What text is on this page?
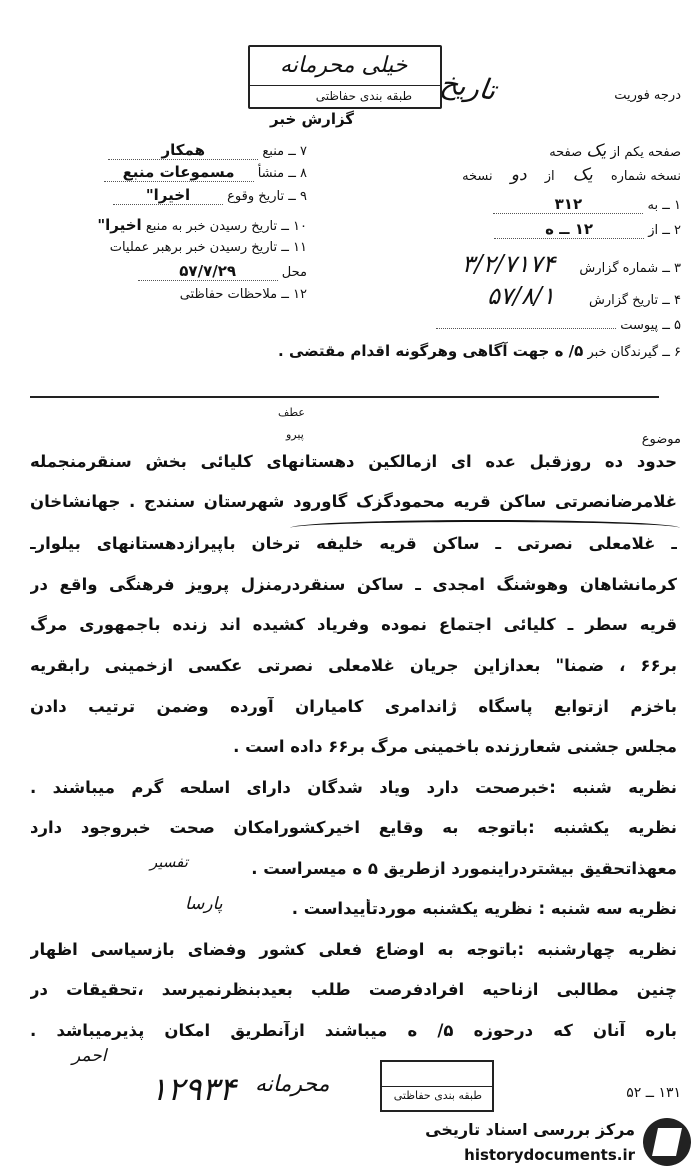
تاریخ	درجه فوریت
خیلی محرمانه
طبقه بندی حفاظتی
گزارش خبر
۷ ــ منبع همکار
۸ ــ منشأ مسموعات منبع
۹ ــ تاریخ وقوع اخیرا"
۱۰ ــ تاریخ رسیدن خبر به منبع اخیرا"
۱۱ ــ تاریخ رسیدن خبر برهبر عملیات
محل ۵۷/۷/۲۹
۱۲ ــ ملاحظات حفاظتی
صفحه یکم از یک صفحه
نسخه شماره یک از دو نسخه
۱ ــ به ۳۱۲
۲ ــ از ۱۲ ــ ه
۳ ــ شماره گزارش ۳/۲/۷۱۷۴
۴ ــ تاریخ گزارش ۵۷/۸/۱
۵ ــ پیوست
۶ ــ گیرندگان خبر ۵/ ه جهت آگاهی وهرگونه اقدام مقتضی .
موضوع
عطف
پیرو
حدود ده روزقبل عده ای ازمالکین دهستانهای کلیائی بخش سنقرمنجمله
غلامرضانصرتی ساکن قریه محمودگزک گاورود شهرستان سنندج . جهانشاخان
ـ غلامعلی نصرتی ـ ساکن قریه خلیفه ترخان باپیرازدهستانهای بیلوارـ
کرمانشاهان وهوشنگ امجدی ـ ساکن سنقردرمنزل پرویز فرهنگی واقع در
قریه سطر ـ کلیائی اجتماع نموده وفریاد کشیده اند زنده باجمهوری مرگ
بر۶۶ ، ضمنا" بعدازاین جریان غلامعلی نصرتی عکسی ازخمینی رابقریه
باخزم ازتوابع پاسگاه ژاندامری کامیاران آورده وضمن ترتیب دادن
مجلس جشنی شعارزنده باخمینی مرگ بر۶۶ داده است .
نظریه شنبه :خبرصحت دارد ویاد شدگان دارای اسلحه گرم میباشند .
نظریه یکشنبه :باتوجه به وقایع اخیرکشورامکان صحت خبروجود دارد
معهذاتحقیق بیشتردراینمورد ازطریق ۵ ه میسراست .
تفسیر
نظریه سه شنبه : نظریه یکشنبه موردتأییداست .
پارسا
نظریه چهارشنبه :باتوجه به اوضاع فعلی کشور وفضای بازسیاسی اظهار
چنین مطالبی ازناحیه افرادفرصت طلب بعیدبنظرنمیرسد ،تحقیقات در
باره آنان که درحوزه ۵/ ه میباشند ازآنطریق امکان پذیرمیباشد .
احمر
۱۲۹۳۴ محرمانه	طبقه بندی حفاظتی	۱۳۱ ــ ۵۲
مرکز بررسی اسناد تاریخی
historydocuments.ir
